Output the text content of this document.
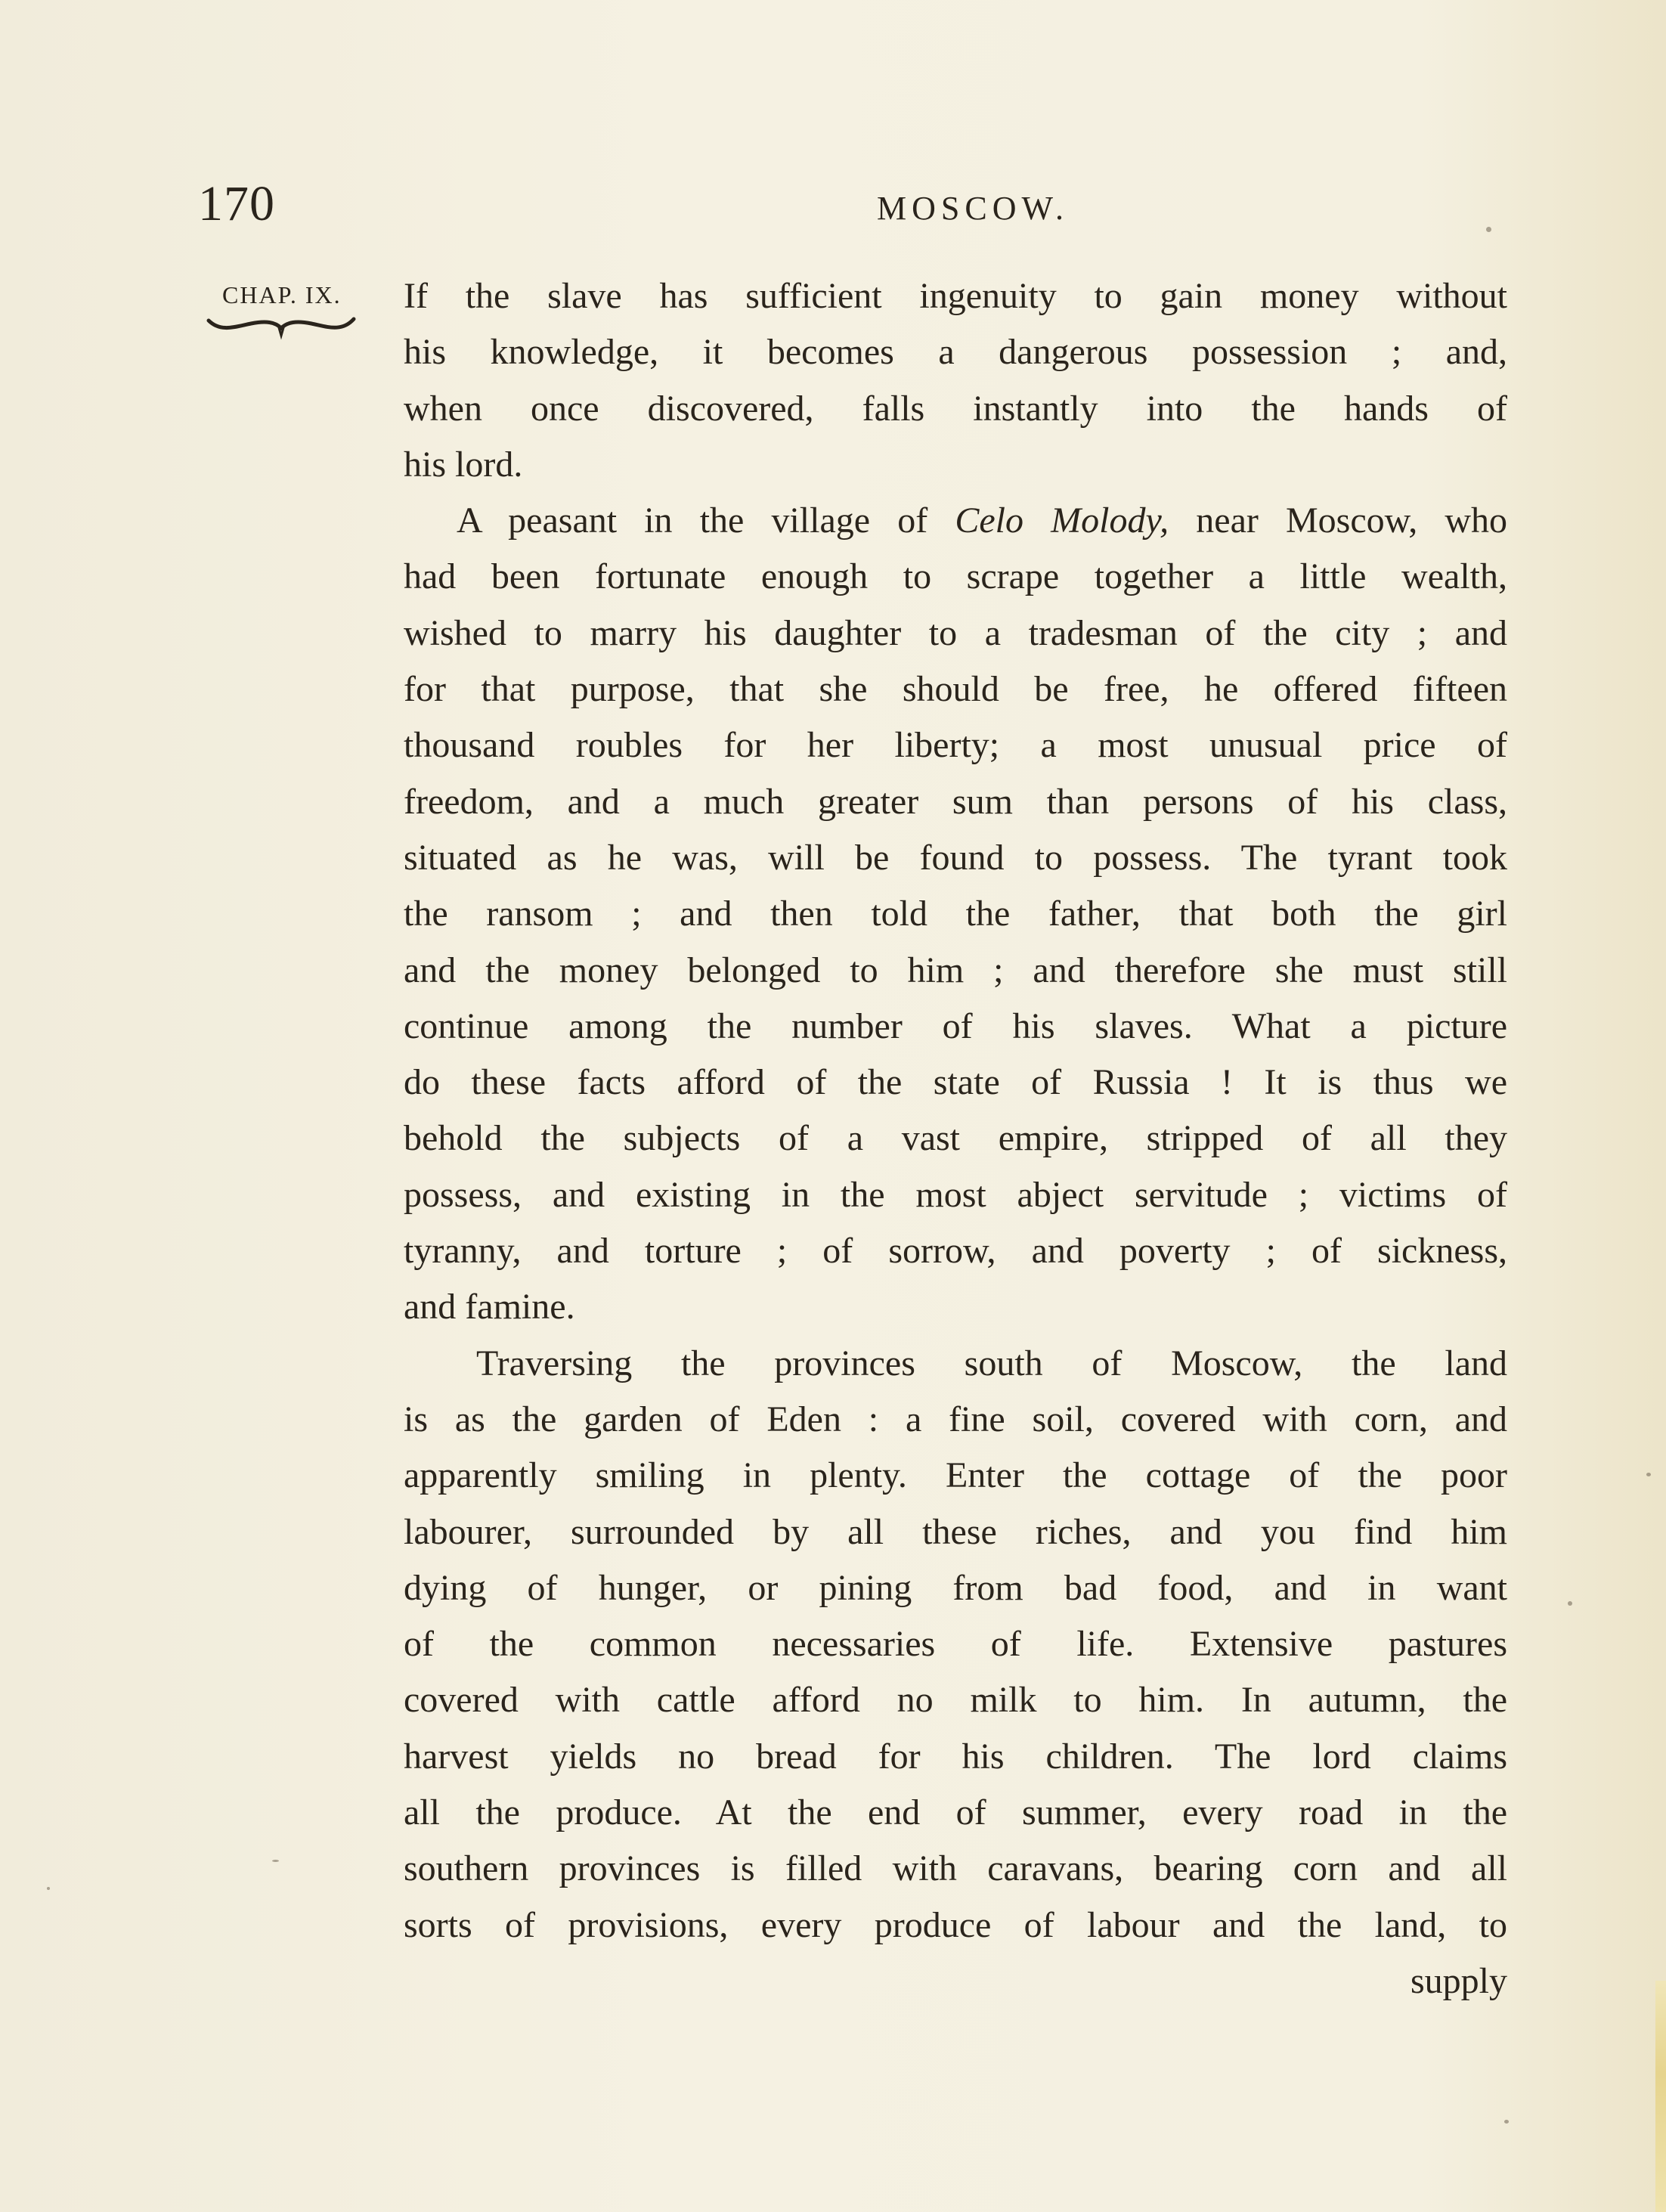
170	MOSCOW.
CHAP. IX. If the slave has sufficient ingenuity to gain money without
his knowledge, it becomes a dangerous possession ; and,
when once discovered, falls instantly into the hands of
his lord.
A peasant in the village of Celo Molody, near Moscow, who
had been fortunate enough to scrape together a little wealth,
wished to marry his daughter to a tradesman of the city ; and
for that purpose, that she should be free, he offered fifteen
thousand roubles for her liberty; a most unusual price of
freedom, and a much greater sum than persons of his class,
situated as he was, will be found to possess. The tyrant took
the ransom ; and then told the father, that both the girl
and the money belonged to him ; and therefore she must still
continue among the number of his slaves. What a picture
do these facts afford of the state of Russia ! It is thus we
behold the subjects of a vast empire, stripped of all they
possess, and existing in the most abject servitude ; victims of
tyranny, and torture ; of sorrow, and poverty ; of sickness,
and famine.
Traversing the provinces south of Moscow, the land
is as the garden of Eden : a fine soil, covered with corn, and
apparently smiling in plenty. Enter the cottage of the poor
labourer, surrounded by all these riches, and you find him
dying of hunger, or pining from bad food, and in want
of the common necessaries of life. Extensive pastures
covered with cattle afford no milk to him. In autumn, the
harvest yields no bread for his children. The lord claims
all the produce. At the end of summer, every road in the
southern provinces is filled with caravans, bearing corn and all
sorts of provisions, every produce of labour and the land, to
supply
